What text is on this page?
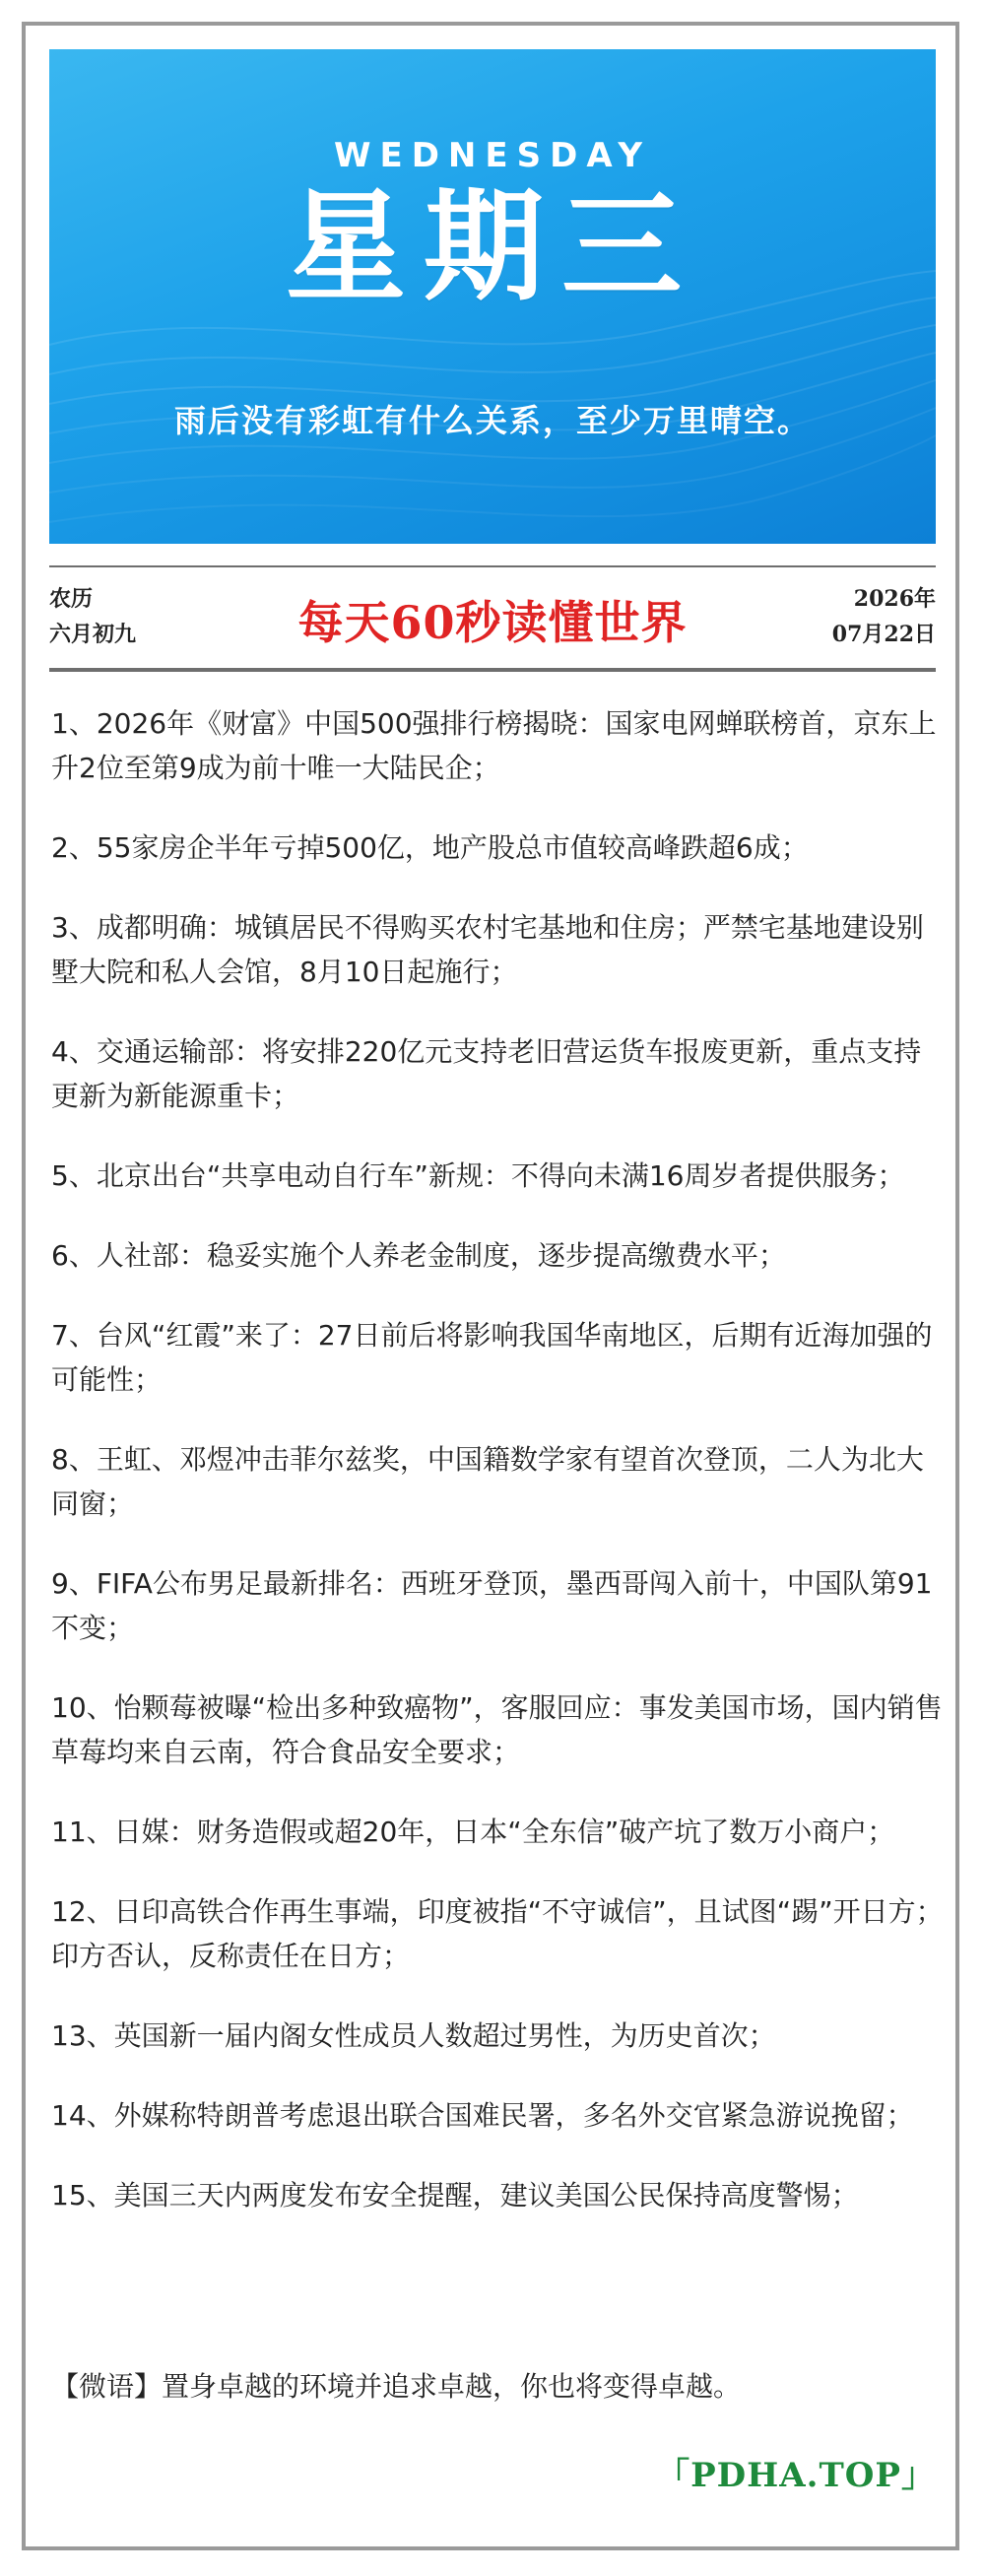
WEDNESDAY
星期三
雨后没有彩虹有什么关系，至少万里晴空。
农历
六月初九	每天60秒读懂世界	2026年
07月22日
1、2026年《财富》中国500强排行榜揭晓：国家电网蝉联榜首，京东上升2位至第9成为前十唯一大陆民企；
2、55家房企半年亏掉500亿，地产股总市值较高峰跌超6成；
3、成都明确：城镇居民不得购买农村宅基地和住房；严禁宅基地建设别墅大院和私人会馆，8月10日起施行；
4、交通运输部：将安排220亿元支持老旧营运货车报废更新，重点支持更新为新能源重卡；
5、北京出台“共享电动自行车”新规：不得向未满16周岁者提供服务；
6、人社部：稳妥实施个人养老金制度，逐步提高缴费水平；
7、台风“红霞”来了：27日前后将影响我国华南地区，后期有近海加强的可能性；
8、王虹、邓煜冲击菲尔兹奖，中国籍数学家有望首次登顶，二人为北大同窗；
9、FIFA公布男足最新排名：西班牙登顶，墨西哥闯入前十，中国队第91不变；
10、怡颗莓被曝“检出多种致癌物”，客服回应：事发美国市场，国内销售草莓均来自云南，符合食品安全要求；
11、日媒：财务造假或超20年，日本“全东信”破产坑了数万小商户；
12、日印高铁合作再生事端，印度被指“不守诚信”，且试图“踢”开日方；印方否认，反称责任在日方；
13、英国新一届内阁女性成员人数超过男性，为历史首次；
14、外媒称特朗普考虑退出联合国难民署，多名外交官紧急游说挽留；
15、美国三天内两度发布安全提醒，建议美国公民保持高度警惕；
【微语】置身卓越的环境并追求卓越，你也将变得卓越。
「PDHA.TOP」
